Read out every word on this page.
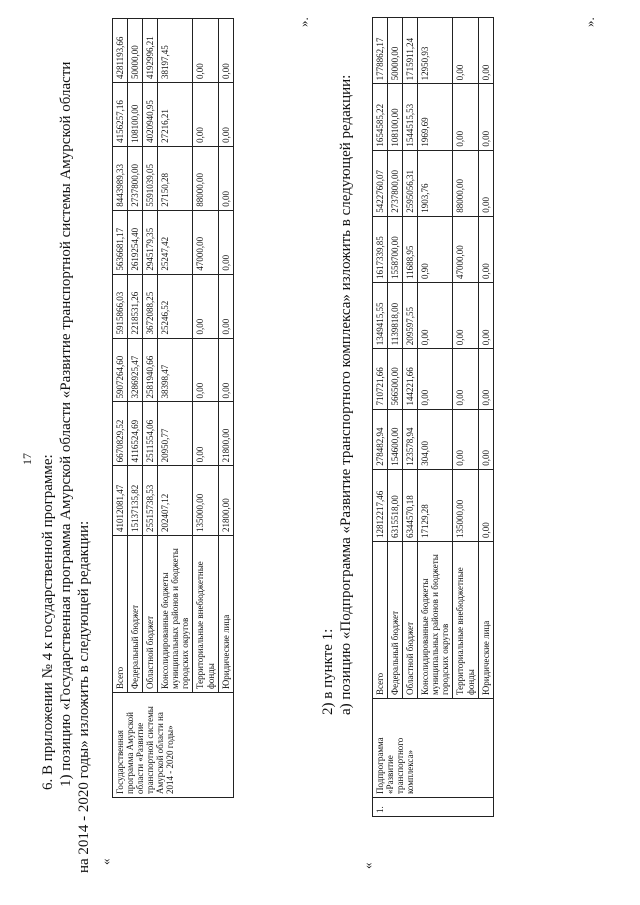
17 6. В приложении № 4 к государственной программе: 1) позицию «Государственная программа Амурской области «Развитие транспортной системы Амурской области на 2014 - 2020 годы» изложить в следующей редакции: «
Государственная программа Амурской области «Развитие транспортной системы Амурской области на 2014 - 2020 годы»	Всего	41012081,47	6670829,52	5907264,60	5915866,03	5636681,17	8443989,33	4156257,16	4281193,66
	Федеральный бюджет	15137135,82	4116524,69	3286925,47	2218531,26	2619254,40	2737800,00	108100,00	50000,00
	Областной бюджет	25515738,53	2511554,06	2581940,66	3672088,25	2945179,35	5591039,05	4020940,95	4192996,21
	Консолидированные бюджеты муниципальных районов и бюджеты городских округов	202407,12	20950,77	38398,47	25246,52	25247,42	27150,28	27216,21	38197,45
	Территориальные внебюджетные фонды	135000,00	0,00	0,00	0,00	47000,00	88000,00	0,00	0,00
	Юридические лица	21800,00	21800,00	0,00	0,00	0,00	0,00	0,00	0,00
».
2) в пункте 1: а) позицию «Подпрограмма «Развитие транспортного комплекса» изложить в следующей редакции:
«
1.	Подпрограмма «Развитие транспортного комплекса»	Всего	12812217,46	278482,94	710721,66	1349415,55	1617339,85	5422760,07	1654585,22	1778862,17
		Федеральный бюджет	6315518,00	154600,00	566500,00	1139818,00	1558700,00	2737800,00	108100,00	50000,00
		Областной бюджет	6344570,18	123578,94	144221,66	209597,55	11688,95	2595056,31	1544515,53	1715911,24
		Консолидированные бюджеты муниципальных районов и бюджеты городских округов	17129,28	304,00	0,00	0,00	0,90	1903,76	1969,69	12950,93
		Территориальные внебюджетные фонды	135000,00	0,00	0,00	0,00	47000,00	88000,00	0,00	0,00
		Юридические лица	0,00	0,00	0,00	0,00	0,00	0,00	0,00	0,00
».
